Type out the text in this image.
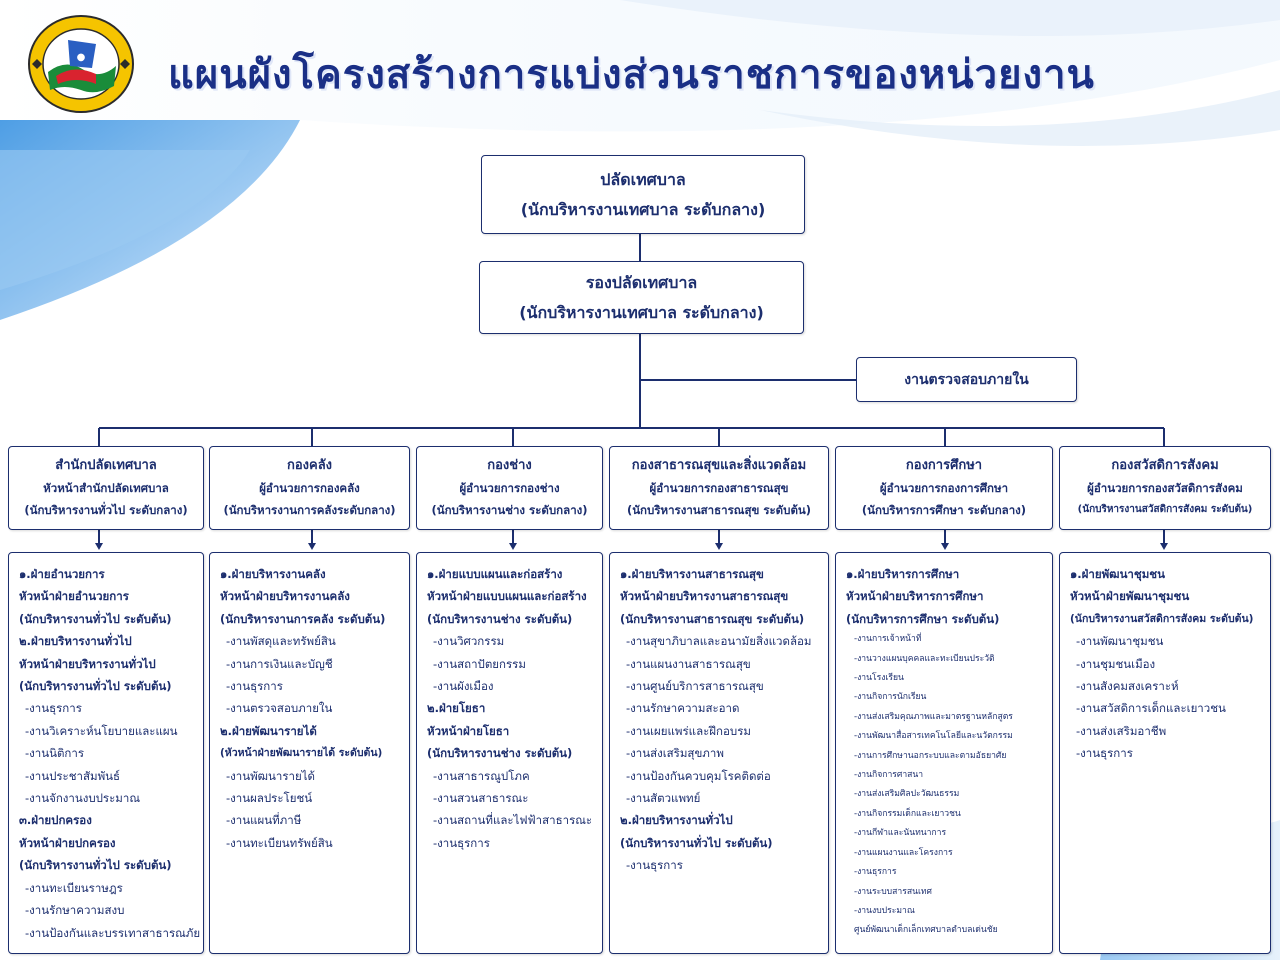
● แผนผังโครงสร้างการแบ่งส่วนราชการของหน่วยงาน
ปลัดเทศบาล
(นักบริหารงานเทศบาล ระดับกลาง)
รองปลัดเทศบาล
(นักบริหารงานเทศบาล ระดับกลาง)
งานตรวจสอบภายใน
สำนักปลัดเทศบาล
หัวหน้าสำนักปลัดเทศบาล
(นักบริหารงานทั่วไป ระดับกลาง)
กองคลัง
ผู้อำนวยการกองคลัง
(นักบริหารงานการคลังระดับกลาง)
กองช่าง
ผู้อำนวยการกองช่าง
(นักบริหารงานช่าง ระดับกลาง)
กองสาธารณสุขและสิ่งแวดล้อม
ผู้อำนวยการกองสาธารณสุข
(นักบริหารงานสาธารณสุข ระดับต้น)
กองการศึกษา
ผู้อำนวยการกองการศึกษา
(นักบริหารการศึกษา ระดับกลาง)
กองสวัสดิการสังคม
ผู้อำนวยการกองสวัสดิการสังคม
(นักบริหารงานสวัสดิการสังคม ระดับต้น)
๑.ฝ่ายอำนวยการ
หัวหน้าฝ่ายอำนวยการ
(นักบริหารงานทั่วไป ระดับต้น)
๒.ฝ่ายบริหารงานทั่วไป
หัวหน้าฝ่ายบริหารงานทั่วไป
(นักบริหารงานทั่วไป ระดับต้น)
-งานธุรการ
-งานวิเคราะห์นโยบายและแผน
-งานนิติการ
-งานประชาสัมพันธ์
-งานจักงานงบประมาณ
๓.ฝ่ายปกครอง
หัวหน้าฝ่ายปกครอง
(นักบริหารงานทั่วไป ระดับต้น)
-งานทะเบียนราษฎร
-งานรักษาความสงบ
-งานป้องกันและบรรเทาสาธารณภัย
๑.ฝ่ายบริหารงานคลัง
หัวหน้าฝ่ายบริหารงานคลัง
(นักบริหารงานการคลัง ระดับต้น)
-งานพัสดุและทรัพย์สิน
-งานการเงินและบัญชี
-งานธุรการ
-งานตรวจสอบภายใน
๒.ฝ่ายพัฒนารายได้
(หัวหน้าฝ่ายพัฒนารายได้ ระดับต้น)
-งานพัฒนารายได้
-งานผลประโยชน์
-งานแผนที่ภาษี
-งานทะเบียนทรัพย์สิน
๑.ฝ่ายแบบแผนและก่อสร้าง
หัวหน้าฝ่ายแบบแผนและก่อสร้าง
(นักบริหารงานช่าง ระดับต้น)
-งานวิศวกรรม
-งานสถาปัตยกรรม
-งานผังเมือง
๒.ฝ่ายโยธา
หัวหน้าฝ่ายโยธา
(นักบริหารงานช่าง ระดับต้น)
-งานสาธารณูปโภค
-งานสวนสาธารณะ
-งานสถานที่และไฟฟ้าสาธารณะ
-งานธุรการ
๑.ฝ่ายบริหารงานสาธารณสุข
หัวหน้าฝ่ายบริหารงานสาธารณสุข
(นักบริหารงานสาธารณสุข ระดับต้น)
-งานสุขาภิบาลและอนามัยสิ่งแวดล้อม
-งานแผนงานสาธารณสุข
-งานศูนย์บริการสาธารณสุข
-งานรักษาความสะอาด
-งานเผยแพร่และฝึกอบรม
-งานส่งเสริมสุขภาพ
-งานป้องกันควบคุมโรคติดต่อ
-งานสัตวแพทย์
๒.ฝ่ายบริหารงานทั่วไป
(นักบริหารงานทั่วไป ระดับต้น)
-งานธุรการ
๑.ฝ่ายบริหารการศึกษา
หัวหน้าฝ่ายบริหารการศึกษา
(นักบริหารการศึกษา ระดับต้น)
-งานการเจ้าหน้าที่
-งานวางแผนบุคคลและทะเบียนประวัติ
-งานโรงเรียน
-งานกิจการนักเรียน
-งานส่งเสริมคุณภาพและมาตรฐานหลักสูตร
-งานพัฒนาสื่อสารเทคโนโลยีและนวัตกรรม
-งานการศึกษานอกระบบและตามอัธยาศัย
-งานกิจการศาสนา
-งานส่งเสริมศิลปะวัฒนธรรม
-งานกิจกรรมเด็กและเยาวชน
-งานกีฬาและนันทนาการ
-งานแผนงานและโครงการ
-งานธุรการ
-งานระบบสารสนเทศ
-งานงบประมาณ
ศูนย์พัฒนาเด็กเล็กเทศบาลตำบลเด่นชัย
๑.ฝ่ายพัฒนาชุมชน
หัวหน้าฝ่ายพัฒนาชุมชน
(นักบริหารงานสวัสดิการสังคม ระดับต้น)
-งานพัฒนาชุมชน
-งานชุมชนเมือง
-งานสังคมสงเคราะห์
-งานสวัสดิการเด็กและเยาวชน
-งานส่งเสริมอาชีพ
-งานธุรการ
